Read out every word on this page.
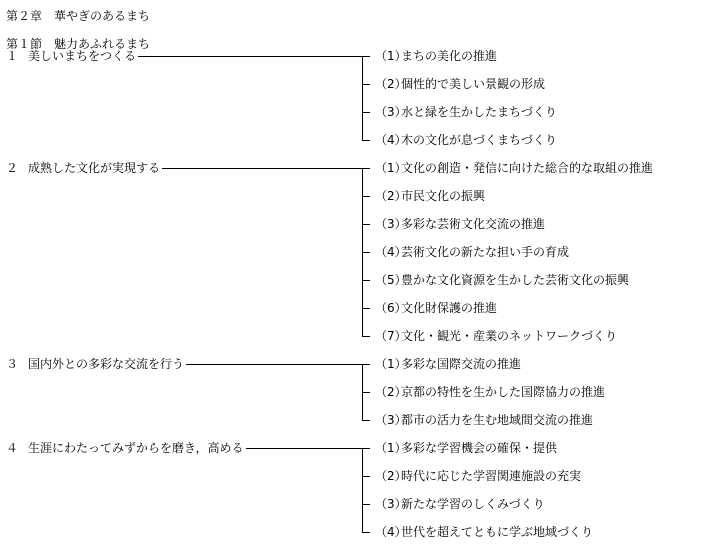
第２章　華やぎのあるまち
第１節　魅力あふれるまち
１ 美しいまちをつくる	（1）まちの美化の推進
（2）個性的で美しい景観の形成
（3）水と緑を生かしたまちづくり
（4）木の文化が息づくまちづくり
２ 成熟した文化が実現する	（1）文化の創造・発信に向けた総合的な取組の推進
（2）市民文化の振興
（3）多彩な芸術文化交流の推進
（4）芸術文化の新たな担い手の育成
（5）豊かな文化資源を生かした芸術文化の振興
（6）文化財保護の推進
（7）文化・観光・産業のネットワークづくり
３ 国内外との多彩な交流を行う	（1）多彩な国際交流の推進
（2）京都の特性を生かした国際協力の推進
（3）都市の活力を生む地域間交流の推進
４ 生涯にわたってみずからを磨き，高める	（1）多彩な学習機会の確保・提供
（2）時代に応じた学習関連施設の充実
（3）新たな学習のしくみづくり
（4）世代を超えてともに学ぶ地域づくり
